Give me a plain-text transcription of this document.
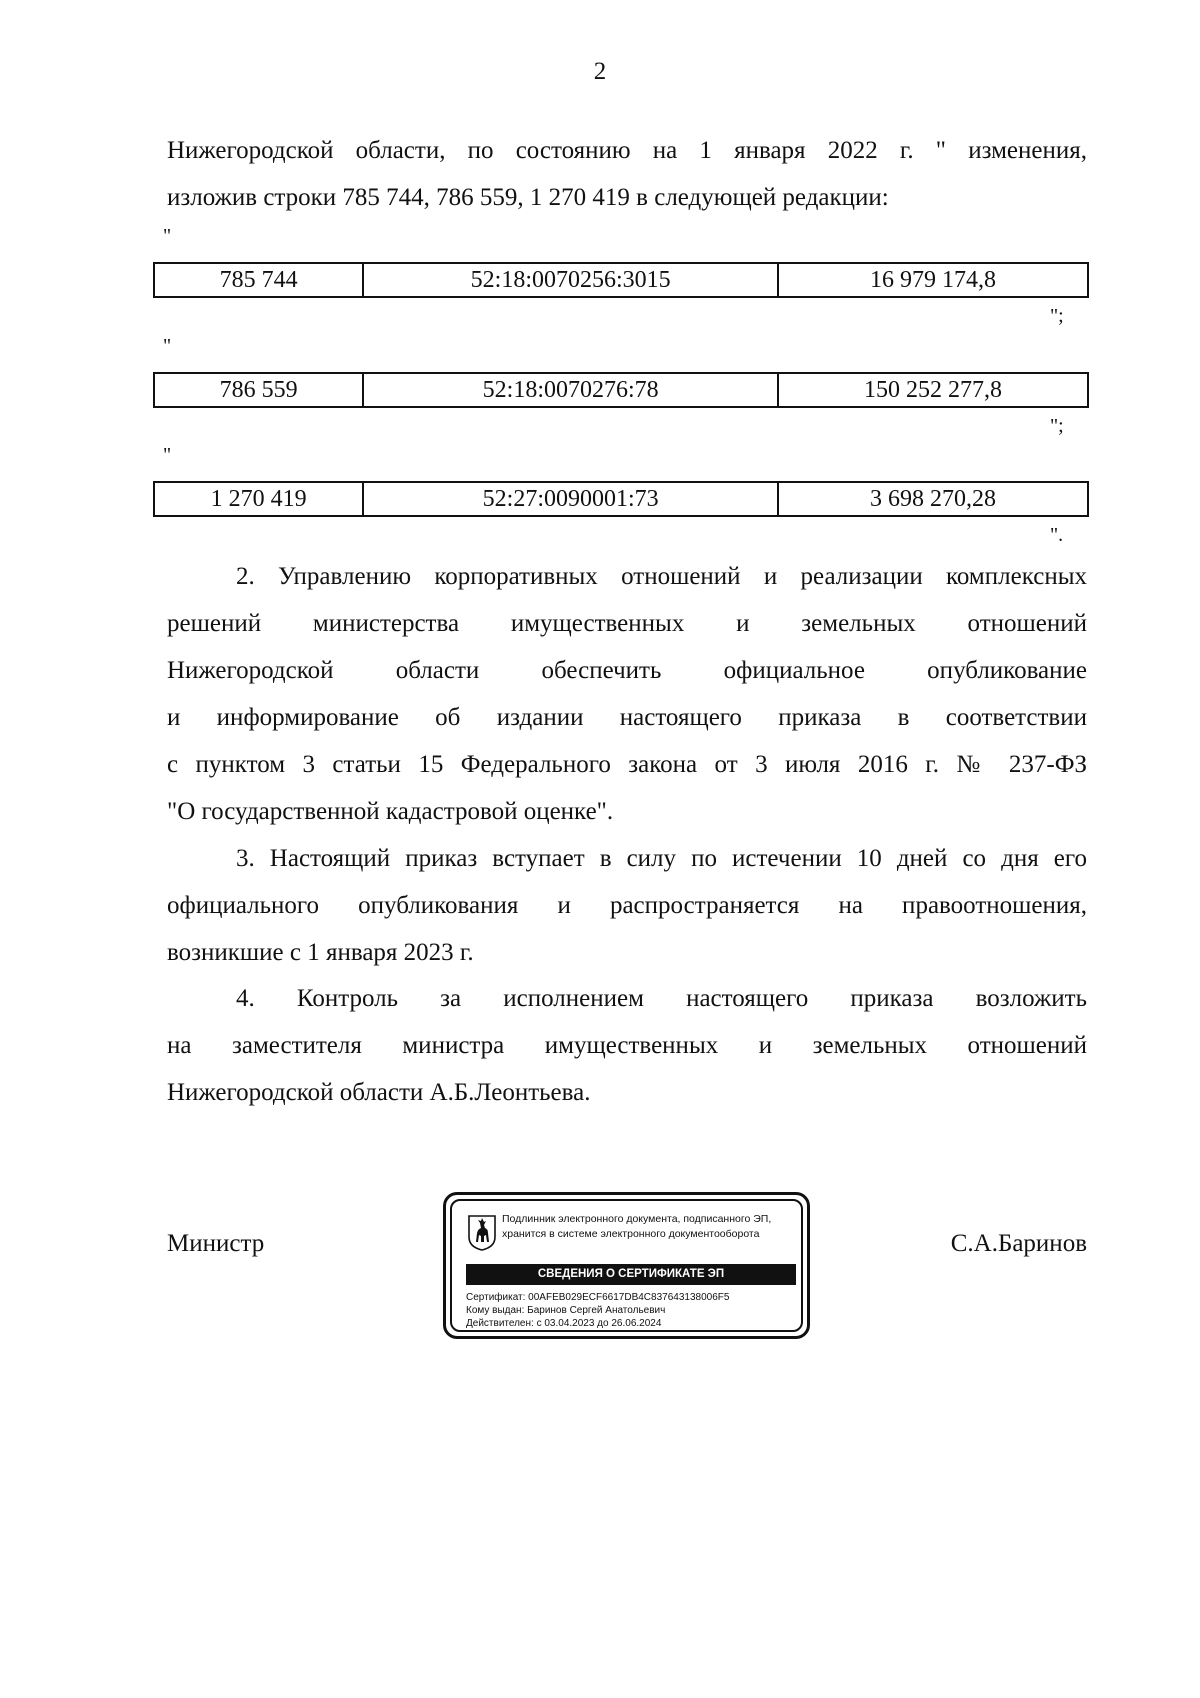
2
Нижегородской области, по состоянию на 1 января 2022 г. " изменения,
изложив строки 785 744, 786 559, 1 270 419 в следующей редакции:
"
785 744	52:18:0070256:3015	16 979 174,8
";
"
786 559	52:18:0070276:78	150 252 277,8
";
"
1 270 419	52:27:0090001:73	3 698 270,28
".
2. Управлению корпоративных отношений и реализации комплексных
решений министерства имущественных и земельных отношений
Нижегородской области обеспечить официальное опубликование
и информирование об издании настоящего приказа в соответствии
с пунктом 3 статьи 15 Федерального закона от 3 июля 2016 г. № 237-ФЗ
"О государственной кадастровой оценке".
3. Настоящий приказ вступает в силу по истечении 10 дней со дня его
официального опубликования и распространяется на правоотношения,
возникшие с 1 января 2023 г.
4. Контроль за исполнением настоящего приказа возложить
на заместителя министра имущественных и земельных отношений
Нижегородской области А.Б.Леонтьева.
Министр	С.А.Баринов
Подлинник электронного документа, подписанного ЭП,
хранится в системе электронного документооборота
СВЕДЕНИЯ О СЕРТИФИКАТЕ ЭП
Сертификат: 00AFEB029ECF6617DB4C837643138006F5
Кому выдан: Баринов Сергей Анатольевич
Действителен: с 03.04.2023 до 26.06.2024
